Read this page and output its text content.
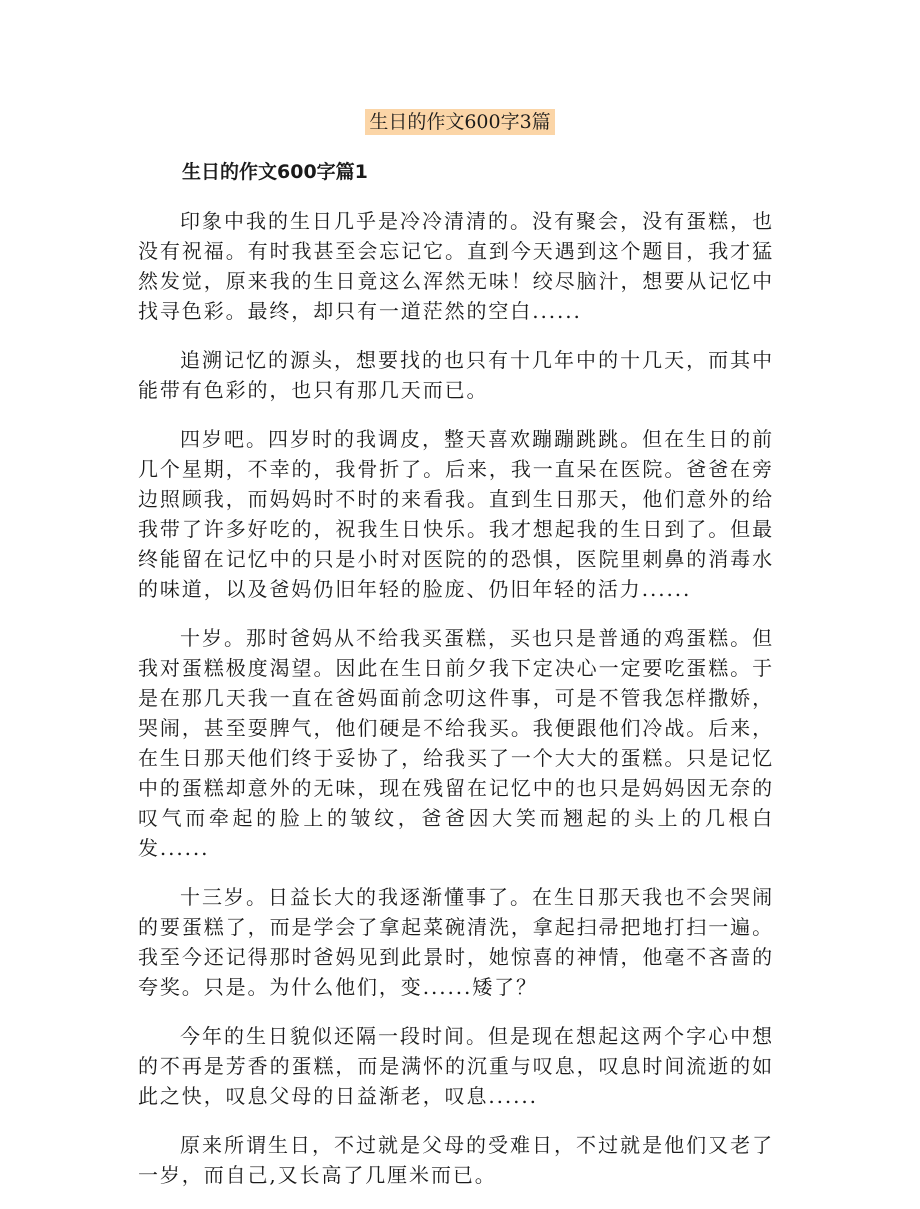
生日的作文600字3篇
生日的作文600字篇1

印象中我的生日几乎是冷冷清清的。没有聚会，没有蛋糕，也没有祝福。有时我甚至会忘记它。直到今天遇到这个题目，我才猛然发觉，原来我的生日竟这么浑然无味！绞尽脑汁，想要从记忆中找寻色彩。最终，却只有一道茫然的空白......

追溯记忆的源头，想要找的也只有十几年中的十几天，而其中能带有色彩的，也只有那几天而已。

四岁吧。四岁时的我调皮，整天喜欢蹦蹦跳跳。但在生日的前几个星期，不幸的，我骨折了。后来，我一直呆在医院。爸爸在旁边照顾我，而妈妈时不时的来看我。直到生日那天，他们意外的给我带了许多好吃的，祝我生日快乐。我才想起我的生日到了。但最终能留在记忆中的只是小时对医院的的恐惧，医院里刺鼻的消毒水的味道，以及爸妈仍旧年轻的脸庞、仍旧年轻的活力......

十岁。那时爸妈从不给我买蛋糕，买也只是普通的鸡蛋糕。但我对蛋糕极度渴望。因此在生日前夕我下定决心一定要吃蛋糕。于是在那几天我一直在爸妈面前念叨这件事，可是不管我怎样撒娇，哭闹，甚至耍脾气，他们硬是不给我买。我便跟他们冷战。后来，在生日那天他们终于妥协了，给我买了一个大大的蛋糕。只是记忆中的蛋糕却意外的无味，现在残留在记忆中的也只是妈妈因无奈的叹气而牵起的脸上的皱纹，爸爸因大笑而翘起的头上的几根白发......

十三岁。日益长大的我逐渐懂事了。在生日那天我也不会哭闹的要蛋糕了，而是学会了拿起菜碗清洗，拿起扫帚把地打扫一遍。我至今还记得那时爸妈见到此景时，她惊喜的神情，他毫不吝啬的夸奖。只是。为什么他们，变......矮了？

今年的生日貌似还隔一段时间。但是现在想起这两个字心中想的不再是芳香的蛋糕，而是满怀的沉重与叹息，叹息时间流逝的如此之快，叹息父母的日益渐老，叹息......

原来所谓生日，不过就是父母的受难日，不过就是他们又老了一岁，而自己,又长高了几厘米而已。
